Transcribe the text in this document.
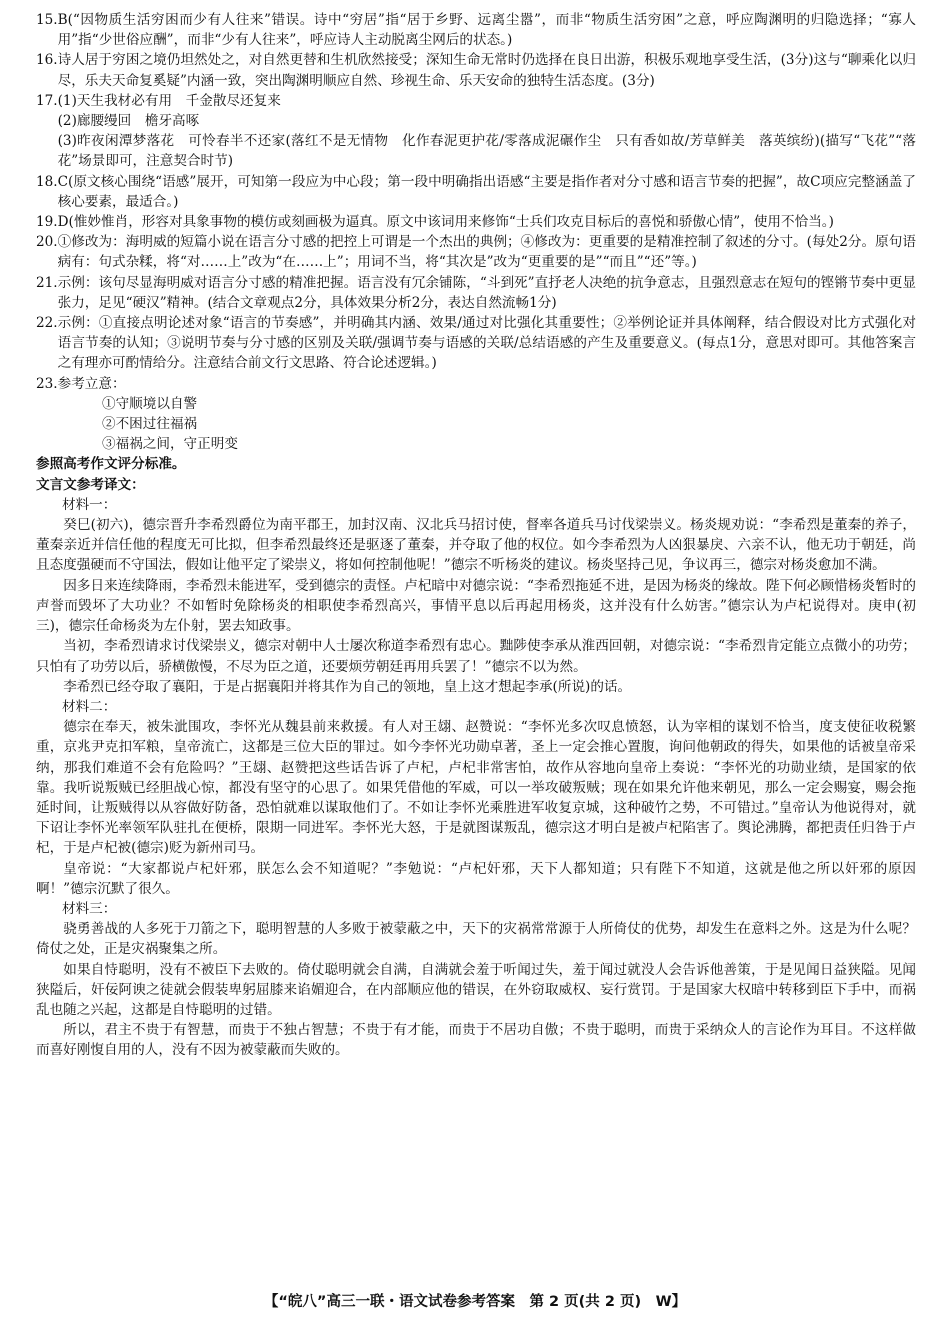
15. B(“因物质生活穷困而少有人往来”错误。诗中“穷居”指“居于乡野、远离尘嚣”，而非“物质生活穷困”之意，呼应陶渊明的归隐选择；“寡人用”指“少世俗应酬”，而非“少有人往来”，呼应诗人主动脱离尘网后的状态。)
16. 诗人居于穷困之境仍坦然处之，对自然更替和生机欣然接受；深知生命无常时仍选择在良日出游，积极乐观地享受生活，(3分)这与“聊乘化以归尽，乐夫天命复奚疑”内涵一致，突出陶渊明顺应自然、珍视生命、乐天安命的独特生活态度。(3分)
17. (1)天生我材必有用　千金散尽还复来

(2)廊腰缦回　檐牙高啄

(3)昨夜闲潭梦落花　可怜春半不还家(落红不是无情物　化作春泥更护花/零落成泥碾作尘　只有香如故/芳草鲜美　落英缤纷)(描写“飞花”“落花”场景即可，注意契合时节)

18. C(原文核心围绕“语感”展开，可知第一段应为中心段；第一段中明确指出语感“主要是指作者对分寸感和语言节奏的把握”，故C项应完整涵盖了核心要素，最适合。)
19. D(惟妙惟肖，形容对具象事物的模仿或刻画极为逼真。原文中该词用来修饰“士兵们攻克目标后的喜悦和骄傲心情”，使用不恰当。)
20. ①修改为：海明威的短篇小说在语言分寸感的把控上可谓是一个杰出的典例；④修改为：更重要的是精准控制了叙述的分寸。(每处2分。原句语病有：句式杂糅，将“对……上”改为“在……上”；用词不当，将“其次是”改为“更重要的是”“而且”“还”等。)
21. 示例：该句尽显海明威对语言分寸感的精准把握。语言没有冗余铺陈，“斗到死”直抒老人决绝的抗争意志，且强烈意志在短句的铿锵节奏中更显张力，足见“硬汉”精神。(结合文章观点2分，具体效果分析2分，表达自然流畅1分)
22. 示例：①直接点明论述对象“语言的节奏感”，并明确其内涵、效果/通过对比强化其重要性；②举例论证并具体阐释，结合假设对比方式强化对语言节奏的认知；③说明节奏与分寸感的区别及关联/强调节奏与语感的关联/总结语感的产生及重要意义。(每点1分，意思对即可。其他答案言之有理亦可酌情给分。注意结合前文行文思路、符合论述逻辑。)
23. 参考立意：

①守顺境以自警

②不困过往福祸

③福祸之间，守正明变

参照高考作文评分标准。

文言文参考译文：

材料一：

癸巳(初六)，德宗晋升李希烈爵位为南平郡王，加封汉南、汉北兵马招讨使，督率各道兵马讨伐梁崇义。杨炎规劝说：“李希烈是董秦的养子，董秦亲近并信任他的程度无可比拟，但李希烈最终还是驱逐了董秦，并夺取了他的权位。如今李希烈为人凶狠暴戾、六亲不认，他无功于朝廷，尚且态度强硬而不守国法，假如让他平定了梁崇义，将如何控制他呢！”德宗不听杨炎的建议。杨炎坚持己见，争议再三，德宗对杨炎愈加不满。

因多日来连续降雨，李希烈未能进军，受到德宗的责怪。卢杞暗中对德宗说：“李希烈拖延不进，是因为杨炎的缘故。陛下何必顾惜杨炎暂时的声誉而毁坏了大功业？不如暂时免除杨炎的相职使李希烈高兴，事情平息以后再起用杨炎，这并没有什么妨害。”德宗认为卢杞说得对。庚申(初三)，德宗任命杨炎为左仆射，罢去知政事。

当初，李希烈请求讨伐梁崇义，德宗对朝中人士屡次称道李希烈有忠心。黜陟使李承从淮西回朝，对德宗说：“李希烈肯定能立点微小的功劳；只怕有了功劳以后，骄横傲慢，不尽为臣之道，还要烦劳朝廷再用兵罢了！”德宗不以为然。

李希烈已经夺取了襄阳，于是占据襄阳并将其作为自己的领地，皇上这才想起李承(所说)的话。

材料二：

德宗在奉天，被朱泚围攻，李怀光从魏县前来救援。有人对王翃、赵赞说：“李怀光多次叹息愤怒，认为宰相的谋划不恰当，度支使征收税繁重，京兆尹克扣军粮，皇帝流亡，这都是三位大臣的罪过。如今李怀光功勋卓著，圣上一定会推心置腹，询问他朝政的得失，如果他的话被皇帝采纳，那我们难道不会有危险吗？”王翃、赵赞把这些话告诉了卢杞，卢杞非常害怕，故作从容地向皇帝上奏说：“李怀光的功勋业绩，是国家的依靠。我听说叛贼已经胆战心惊，都没有坚守的心思了。如果凭借他的军威，可以一举攻破叛贼；现在如果允许他来朝见，那么一定会赐宴，赐会拖延时间，让叛贼得以从容做好防备，恐怕就难以谋取他们了。不如让李怀光乘胜进军收复京城，这种破竹之势，不可错过。”皇帝认为他说得对，就下诏让李怀光率领军队驻扎在便桥，限期一同进军。李怀光大怒，于是就图谋叛乱，德宗这才明白是被卢杞陷害了。舆论沸腾，都把责任归咎于卢杞，于是卢杞被(德宗)贬为新州司马。

皇帝说：“大家都说卢杞奸邪，朕怎么会不知道呢？”李勉说：“卢杞奸邪，天下人都知道；只有陛下不知道，这就是他之所以奸邪的原因啊！”德宗沉默了很久。

材料三：

骁勇善战的人多死于刀箭之下，聪明智慧的人多败于被蒙蔽之中，天下的灾祸常常源于人所倚仗的优势，却发生在意料之外。这是为什么呢？倚仗之处，正是灾祸聚集之所。

如果自恃聪明，没有不被臣下去败的。倚仗聪明就会自满，自满就会羞于听闻过失，羞于闻过就没人会告诉他善策，于是见闻日益狭隘。见闻狭隘后，奸佞阿谀之徒就会假装卑躬屈膝来谄媚迎合，在内部顺应他的错误，在外窃取威权、妄行赏罚。于是国家大权暗中转移到臣下手中，而祸乱也随之兴起，这都是自恃聪明的过错。

所以，君主不贵于有智慧，而贵于不独占智慧；不贵于有才能，而贵于不居功自傲；不贵于聪明，而贵于采纳众人的言论作为耳目。不这样做而喜好刚愎自用的人，没有不因为被蒙蔽而失败的。

【“皖八”高三一联・语文试卷参考答案　第 2 页(共 2 页)　W】
